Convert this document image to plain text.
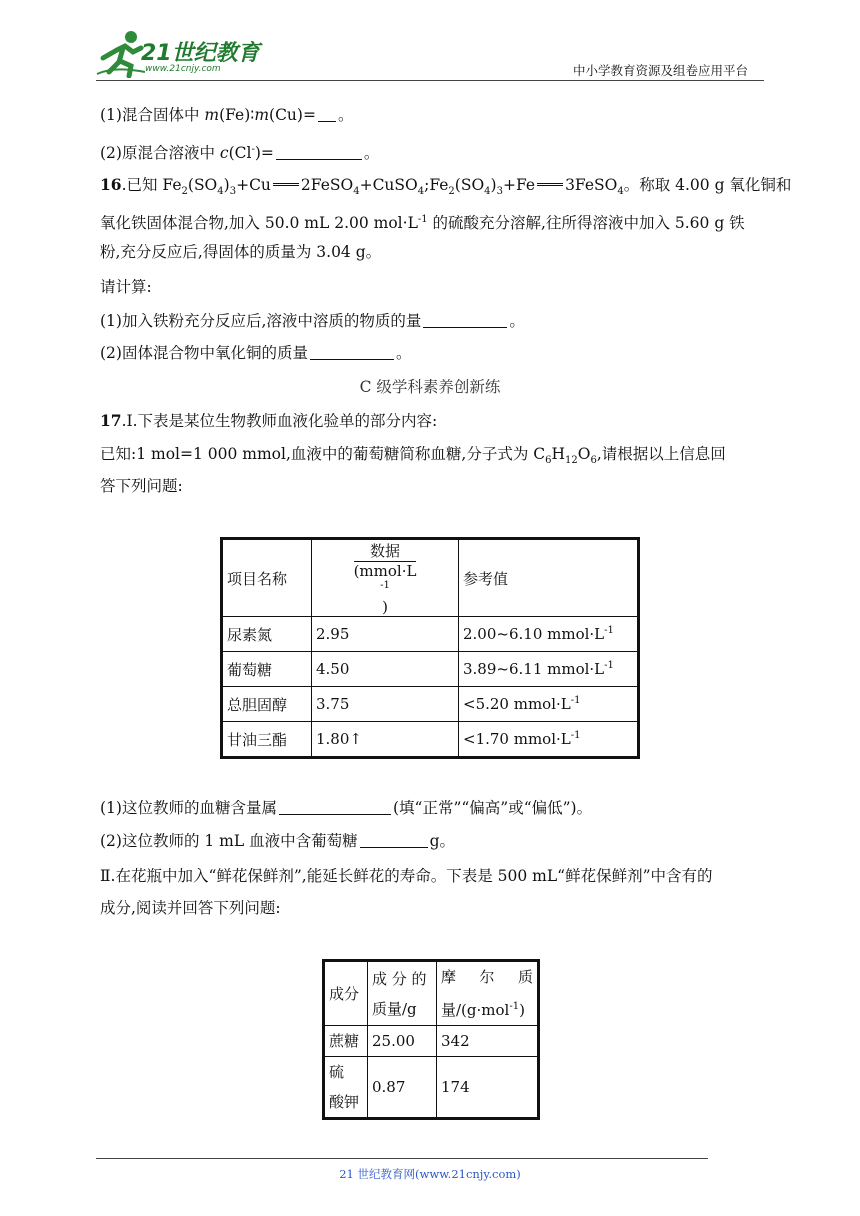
21世纪教育
www.21cnjy.com	中小学教育资源及组卷应用平台
(1)混合固体中 m(Fe)∶m(Cu)= 。
(2)原混合溶液中 c(Cl-)=	。
16.已知 $Fe_2(SO_4)_3+Cu$ $2FeSO_4+CuSO_4;Fe_2(SO_4)_3+Fe$ 3FeSO$_4$。称取 4.00 g 氧化铜和
氧化铁固体混合物,加入 50.0 mL 2.00 $mol\cdot L^{-1}$ 的硫酸充分溶解,往所得溶液中加入 5.60 g 铁
粉,充分反应后,得固体的质量为 3.04 g。
请计算:
(1)加入铁粉充分反应后,溶液中溶质的物质的量	。
(2)固体混合物中氧化铜的质量	。
C 级学科素养创新练
17.Ⅰ.下表是某位生物教师血液化验单的部分内容:
已知:1 mol=1 000 mmol,血液中的葡萄糖简称血糖,分子式为 $C_6H_{12}O_6$,请根据以上信息回
答下列问题:
项目名称	数据
(mmol·L
$^{-1}$
)	参考值
尿素氮	2.95	2.00~6.10 $mmol\cdot L^{-1}$
葡萄糖	4.50	3.89~6.11 $mmol\cdot L^{-1}$
总胆固醇	3.75	<5.20 $mmol\cdot L^{-1}$
甘油三酯	1.80↑	<1.70 $mmol\cdot L^{-1}$
(1)这位教师的血糖含量属	(填“正常”“偏高”或“偏低”)。
(2)这位教师的 1 mL 血液中含葡萄糖	g。
Ⅱ.在花瓶中加入“鲜花保鲜剂”,能延长鲜花的寿命。下表是 500 mL“鲜花保鲜剂”中含有的
成分,阅读并回答下列问题:
成分	成 分 的质量/g	摩 尔 质 量/(g·mol$^{-1}$)
蔗糖	25.00	342
硫 酸钾	0.87	174
21 世纪教育网(www.21cnjy.com)
